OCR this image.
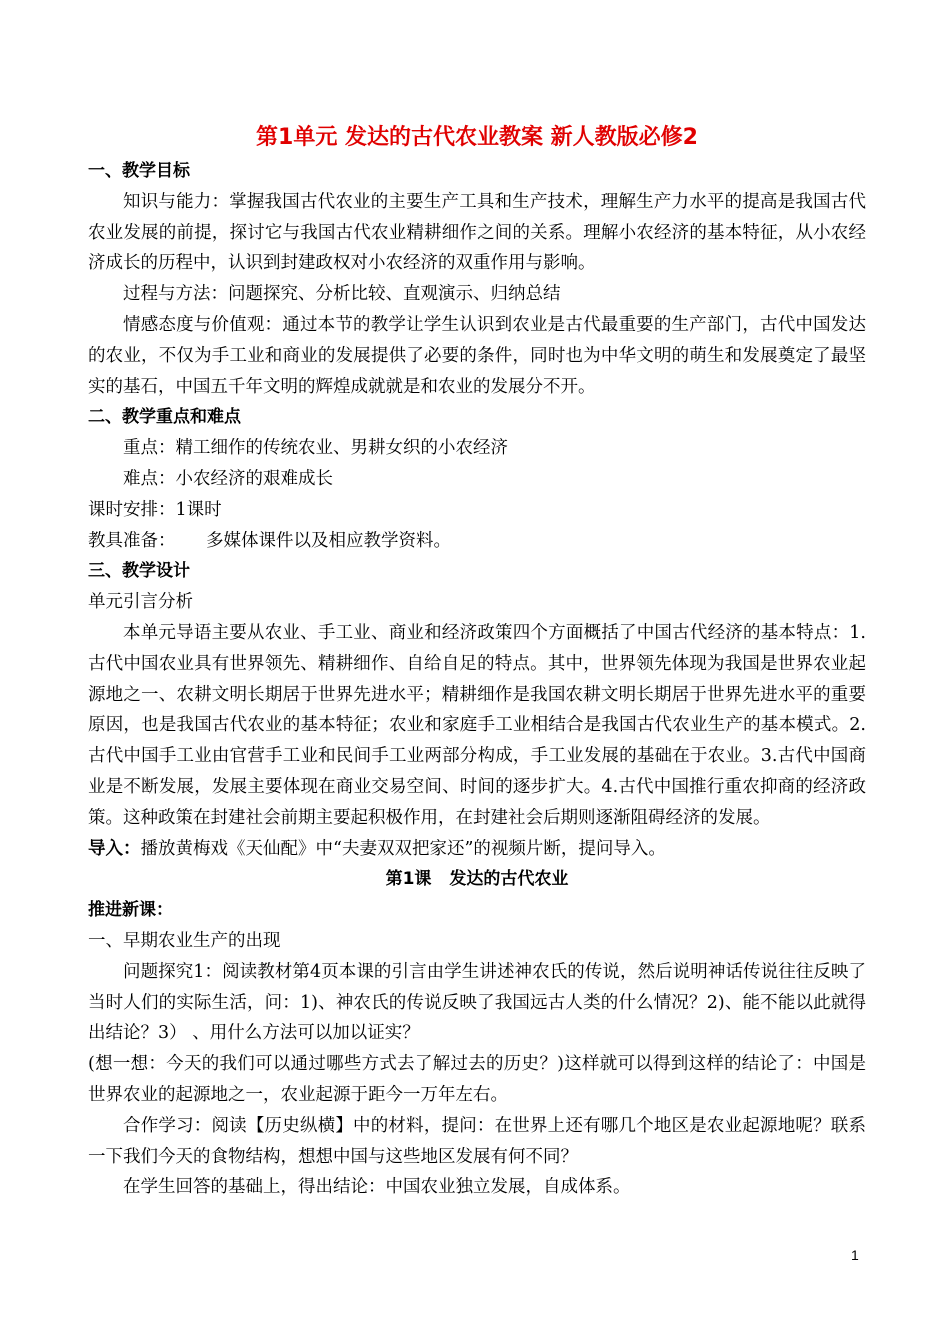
第1单元 发达的古代农业教案 新人教版必修2

一、教学目标

知识与能力：掌握我国古代农业的主要生产工具和生产技术，理解生产力水平的提高是我国古代农业发展的前提，探讨它与我国古代农业精耕细作之间的关系。理解小农经济的基本特征，从小农经济成长的历程中，认识到封建政权对小农经济的双重作用与影响。

过程与方法：问题探究、分析比较、直观演示、归纳总结

情感态度与价值观：通过本节的教学让学生认识到农业是古代最重要的生产部门，古代中国发达的农业，不仅为手工业和商业的发展提供了必要的条件，同时也为中华文明的萌生和发展奠定了最坚实的基石，中国五千年文明的辉煌成就就是和农业的发展分不开。

二、教学重点和难点

重点：精工细作的传统农业、男耕女织的小农经济

难点：小农经济的艰难成长

课时安排：1课时

教具准备： 多媒体课件以及相应教学资料。

三、教学设计

单元引言分析

本单元导语主要从农业、手工业、商业和经济政策四个方面概括了中国古代经济的基本特点：1.古代中国农业具有世界领先、精耕细作、自给自足的特点。其中，世界领先体现为我国是世界农业起源地之一、农耕文明长期居于世界先进水平；精耕细作是我国农耕文明长期居于世界先进水平的重要原因，也是我国古代农业的基本特征；农业和家庭手工业相结合是我国古代农业生产的基本模式。2.古代中国手工业由官营手工业和民间手工业两部分构成，手工业发展的基础在于农业。3.古代中国商业是不断发展，发展主要体现在商业交易空间、时间的逐步扩大。4.古代中国推行重农抑商的经济政策。这种政策在封建社会前期主要起积极作用，在封建社会后期则逐渐阻碍经济的发展。

导入：播放黄梅戏《天仙配》中“夫妻双双把家还”的视频片断，提问导入。

第1课 发达的古代农业

推进新课：

一、早期农业生产的出现

问题探究1：阅读教材第4页本课的引言由学生讲述神农氏的传说，然后说明神话传说往往反映了当时人们的实际生活，问：1)、神农氏的传说反映了我国远古人类的什么情况？2)、能不能以此就得出结论？3） 、用什么方法可以加以证实？

(想一想：今天的我们可以通过哪些方式去了解过去的历史？)这样就可以得到这样的结论了：中国是世界农业的起源地之一，农业起源于距今一万年左右。

合作学习：阅读【历史纵横】中的材料，提问：在世界上还有哪几个地区是农业起源地呢？联系一下我们今天的食物结构，想想中国与这些地区发展有何不同？

在学生回答的基础上，得出结论：中国农业独立发展，自成体系。

1
